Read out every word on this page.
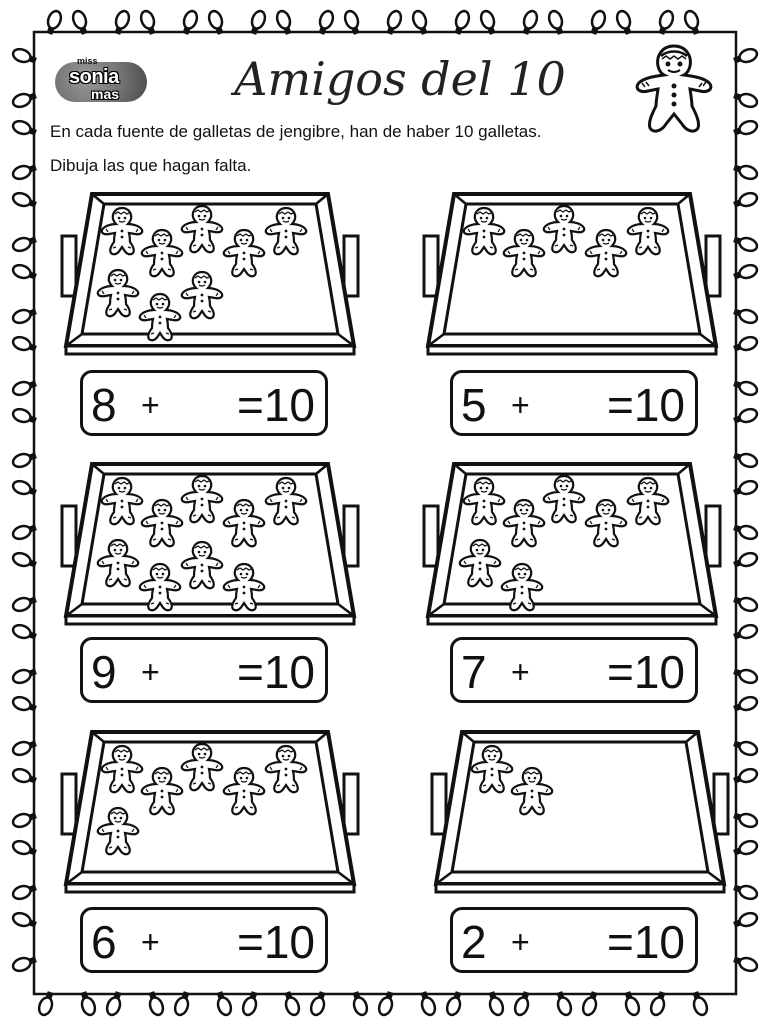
miss
sonia
mas	Amigos del 10
En cada fuente de galletas de jengibre, han de haber 10 galletas.
Dibuja las que hagan falta.
8 + =10	5 + =10
9 + =10	7 + =10
6 + =10	2 + =10
